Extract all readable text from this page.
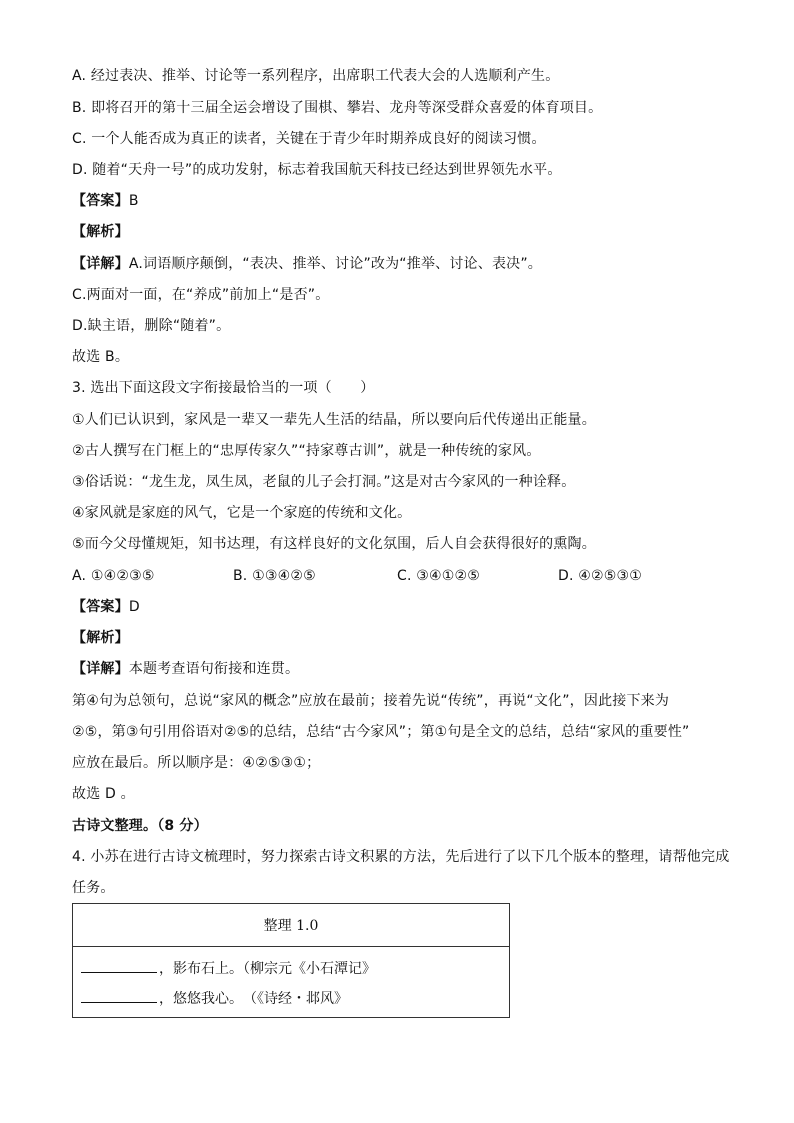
A. 经过表决、推举、讨论等一系列程序，出席职工代表大会的人选顺利产生。
B. 即将召开的第十三届全运会增设了围棋、攀岩、龙舟等深受群众喜爱的体育项目。
C. 一个人能否成为真正的读者，关键在于青少年时期养成良好的阅读习惯。
D. 随着“天舟一号”的成功发射，标志着我国航天科技已经达到世界领先水平。
【答案】B
【解析】
【详解】A.词语顺序颠倒，“表决、推举、讨论”改为“推举、讨论、表决”。
C.两面对一面，在“养成”前加上“是否”。
D.缺主语，删除“随着”。
故选 B。
3. 选出下面这段文字衔接最恰当的一项（　　）
①人们已认识到，家风是一辈又一辈先人生活的结晶，所以要向后代传递出正能量。
②古人撰写在门框上的“忠厚传家久”“持家尊古训”，就是一种传统的家风。
③俗话说：“龙生龙，凤生凤，老鼠的儿子会打洞。”这是对古今家风的一种诠释。
④家风就是家庭的风气，它是一个家庭的传统和文化。
⑤而今父母懂规矩，知书达理，有这样良好的文化氛围，后人自会获得很好的熏陶。
A. ①④②③⑤	B. ①③④②⑤	C. ③④①②⑤	D. ④②⑤③①
【答案】D
【解析】
【详解】本题考查语句衔接和连贯。
第④句为总领句，总说“家风的概念”应放在最前；接着先说“传统”，再说“文化”，因此接下来为
②⑤，第③句引用俗语对②⑤的总结，总结“古今家风”；第①句是全文的总结，总结“家风的重要性”
应放在最后。所以顺序是：④②⑤③①；
故选 D 。
古诗文整理。（8 分）
4. 小苏在进行古诗文梳理时，努力探索古诗文积累的方法，先后进行了以下几个版本的整理，请帮他完成
任务。
整理 1.0
，影布石上。（柳宗元《小石潭记》
，悠悠我心。　（《诗经・邶风》
